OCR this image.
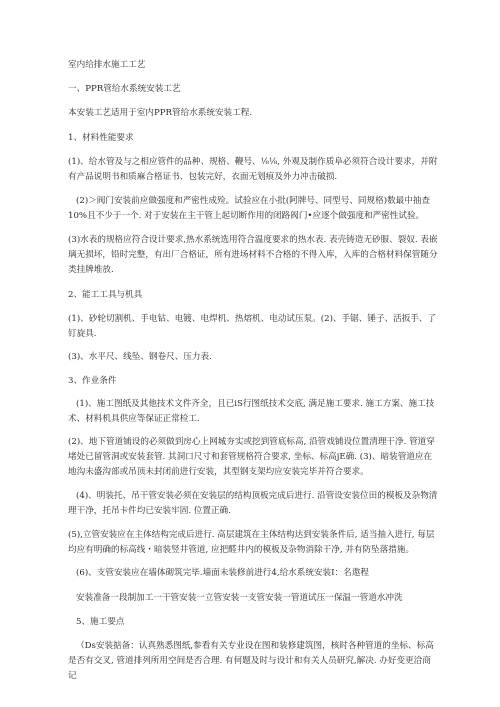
室内给排水施工工艺

一、PPR管给水系统安装工艺

本安装工艺适用于室内PPR管给水系统安装工程.

1、材料性能要求

(1)、给水管及与之相应管件的品种、规格、鞭号、⅛⅛, 外观及制作质阜必须符合设计要求，并附有产品说明书和质麻合格证书、包装完好，衣面无划痕及外力冲击破损.

(2)＞阀门安装前应做强度和严密性成殓。试验应在小批(阿牌号、同型号、同规格)数最中抽查10%且不少于一个. 对于安装在主干管上起切断作用的闭路阀门•应逐个做强度和严密性试验。

(3)水表的规格应符合设计要求,热水系统选用符合温度要求的热水表. 表壳铸造无砂服、裂奴. 表嵌璃无损坏，铅时完整，有出厂合格证，所有进场材料不合格的不得入库，入库的合格材料保管随分类挂牌堆放.

2、能工工具与机具

(1)、砂轮切割机、手电钻、电镀、电焊机、热熔机、电动试压泵。(2)、手锯、锤子、活扳手、了钉旋具.

(3)、水平尺、线坠、钢卷尺、压力表.

3、作业条件

(1)、施工图纸及其他技术文件齐全，且已iS行图纸技术交底, 满足施工要求. 施工方案、施工技术、材料机具供应等保证正常检工.

(2)、地下管道铺设的必须做到房心上网城夯实或挖到管底标高, 沿管戏铺设位置清理干净. 管道穿堵处已留管洞或安装套管. 其洞口尺寸和套管规格符合要求, 坐标、标高jE确. (3)、暗装管道应在地沟未盛沟部或吊顶未封闭前进行安装，其型钢支架均应安装完毕并符合要求。

(4)、明装托、吊干管安装必须在安装层的结构顶板完成后进行. 沿管设安装位田的模板及杂物清理干净，托吊卡件均已安装牢固. 位置正确.

(5),立管安装应在主体结构完成后进行. 高层建筑在主体结构达到安装条件后, 适当抽入进行, 每层均应有明确的标高线・暗装竖井管道, 应把醛井内的模板及杂物消除干净, 并有防坠落措施。

(6)、支管安装应在墙体砌筑完毕.墙面未装修前进行4,给水系统安装I：名遨程

安装准备一段制加工一干管安装一立管安装一支管安装一管道试压一保温一管道水冲洗

5、施工要点

（Ds安装掂备：认真熟悉图纸,参看有关专业设在图和装修建筑图，核时各种管道的坐标、标高是否有交叉, 管道排列所用空间是否合理. 有何题及时与设计和有关人员研究,解决. 办好变更洽商记
